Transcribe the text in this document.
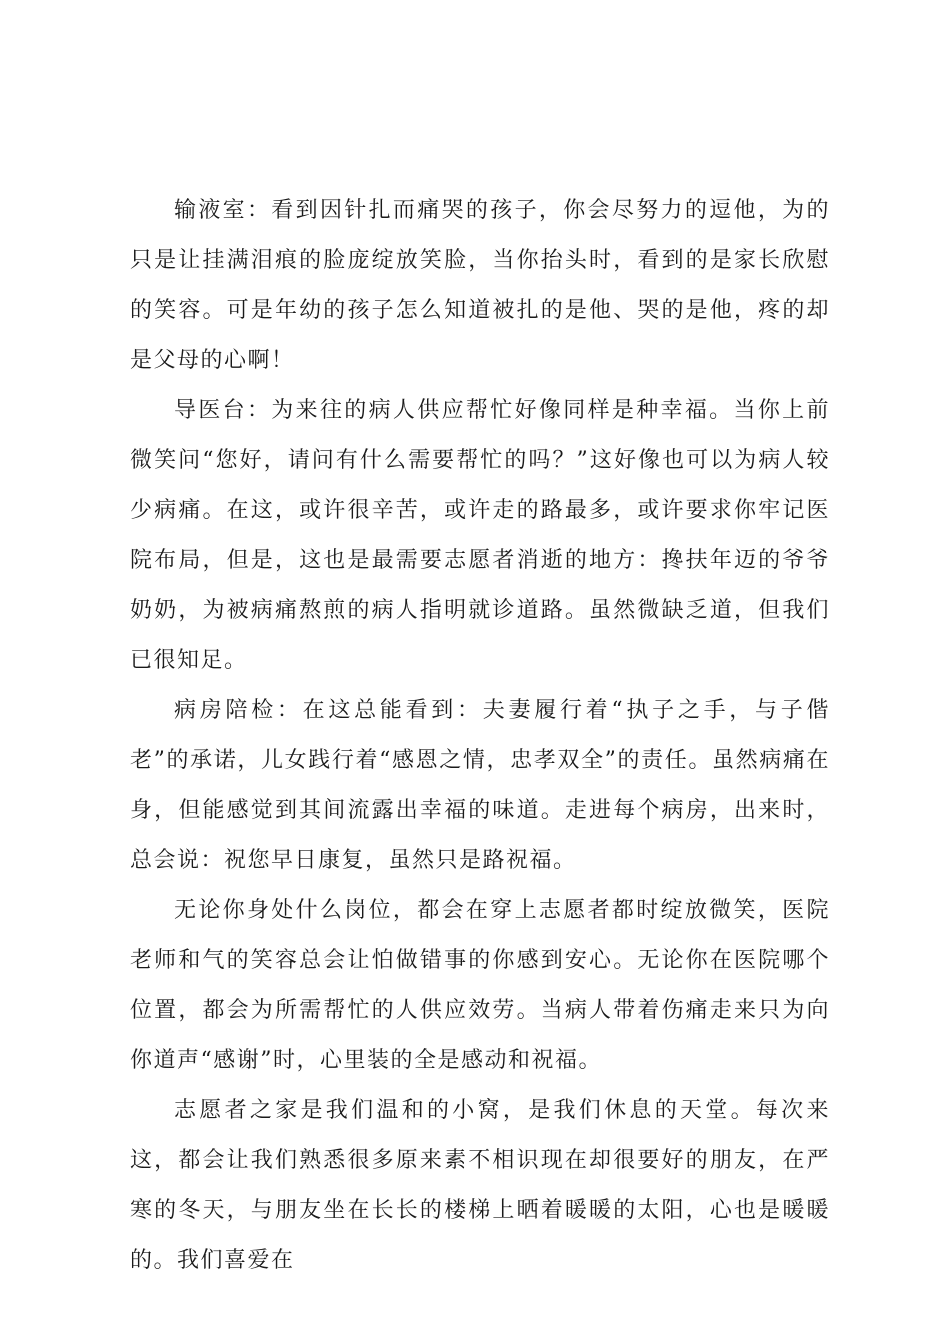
输液室：看到因针扎而痛哭的孩子，你会尽努力的逗他，为的只是让挂满泪痕的脸庞绽放笑脸，当你抬头时，看到的是家长欣慰的笑容。可是年幼的孩子怎么知道被扎的是他、哭的是他，疼的却是父母的心啊！

导医台：为来往的病人供应帮忙好像同样是种幸福。当你上前微笑问“您好，请问有什么需要帮忙的吗？”这好像也可以为病人较少病痛。在这，或许很辛苦，或许走的路最多，或许要求你牢记医院布局，但是，这也是最需要志愿者消逝的地方：搀扶年迈的爷爷奶奶，为被病痛熬煎的病人指明就诊道路。虽然微缺乏道，但我们已很知足。

病房陪检：在这总能看到：夫妻履行着“执子之手，与子偕老”的承诺，儿女践行着“感恩之情，忠孝双全”的责任。虽然病痛在身，但能感觉到其间流露出幸福的味道。走进每个病房，出来时，总会说：祝您早日康复，虽然只是路祝福。

无论你身处什么岗位，都会在穿上志愿者都时绽放微笑，医院老师和气的笑容总会让怕做错事的你感到安心。无论你在医院哪个位置，都会为所需帮忙的人供应效劳。当病人带着伤痛走来只为向你道声“感谢”时，心里装的全是感动和祝福。

志愿者之家是我们温和的小窝，是我们休息的天堂。每次来这，都会让我们熟悉很多原来素不相识现在却很要好的朋友，在严寒的冬天，与朋友坐在长长的楼梯上晒着暖暖的太阳，心也是暖暖的。我们喜爱在
